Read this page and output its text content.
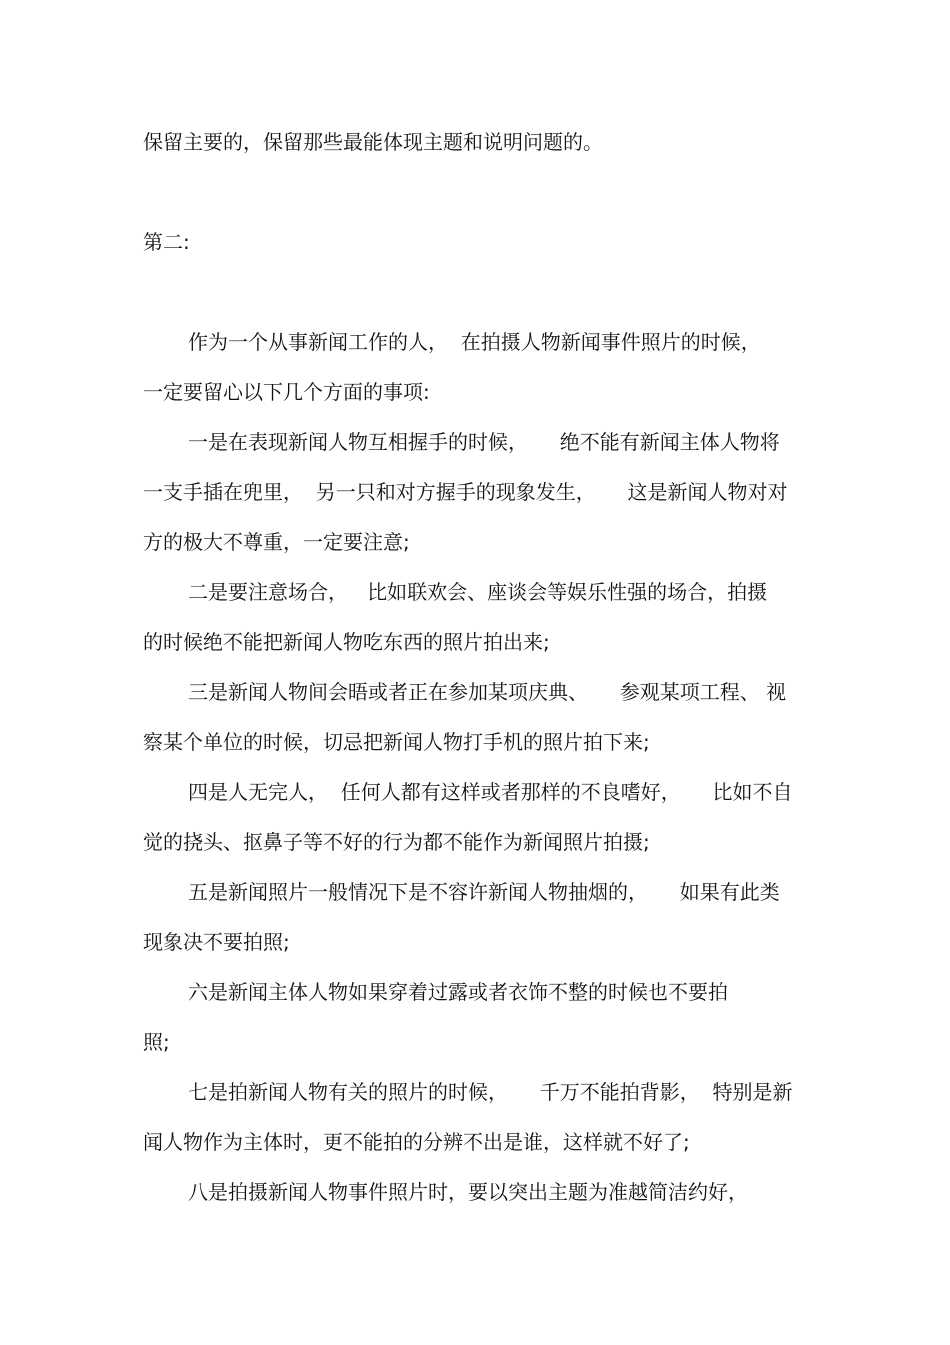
保留主要的，保留那些最能体现主题和说明问题的。

第二:

作为一个从事新闻工作的人，  在拍摄人物新闻事件照片的时候，

一定要留心以下几个方面的事项:

一是在表现新闻人物互相握手的时候，     绝不能有新闻主体人物将

一支手插在兜里，  另一只和对方握手的现象发生，     这是新闻人物对对

方的极大不尊重，一定要注意;

二是要注意场合，   比如联欢会、座谈会等娱乐性强的场合，拍摄

的时候绝不能把新闻人物吃东西的照片拍出来;

三是新闻人物间会晤或者正在参加某项庆典、     参观某项工程、 视

察某个单位的时候，切忌把新闻人物打手机的照片拍下来;

四是人无完人，  任何人都有这样或者那样的不良嗜好，     比如不自

觉的挠头、抠鼻子等不好的行为都不能作为新闻照片拍摄;

五是新闻照片一般情况下是不容许新闻人物抽烟的，     如果有此类

现象决不要拍照;

六是新闻主体人物如果穿着过露或者衣饰不整的时候也不要拍

照;

七是拍新闻人物有关的照片的时候，     千万不能拍背影，  特别是新

闻人物作为主体时，更不能拍的分辨不出是谁，这样就不好了;

八是拍摄新闻人物事件照片时，要以突出主题为准越简洁约好，
